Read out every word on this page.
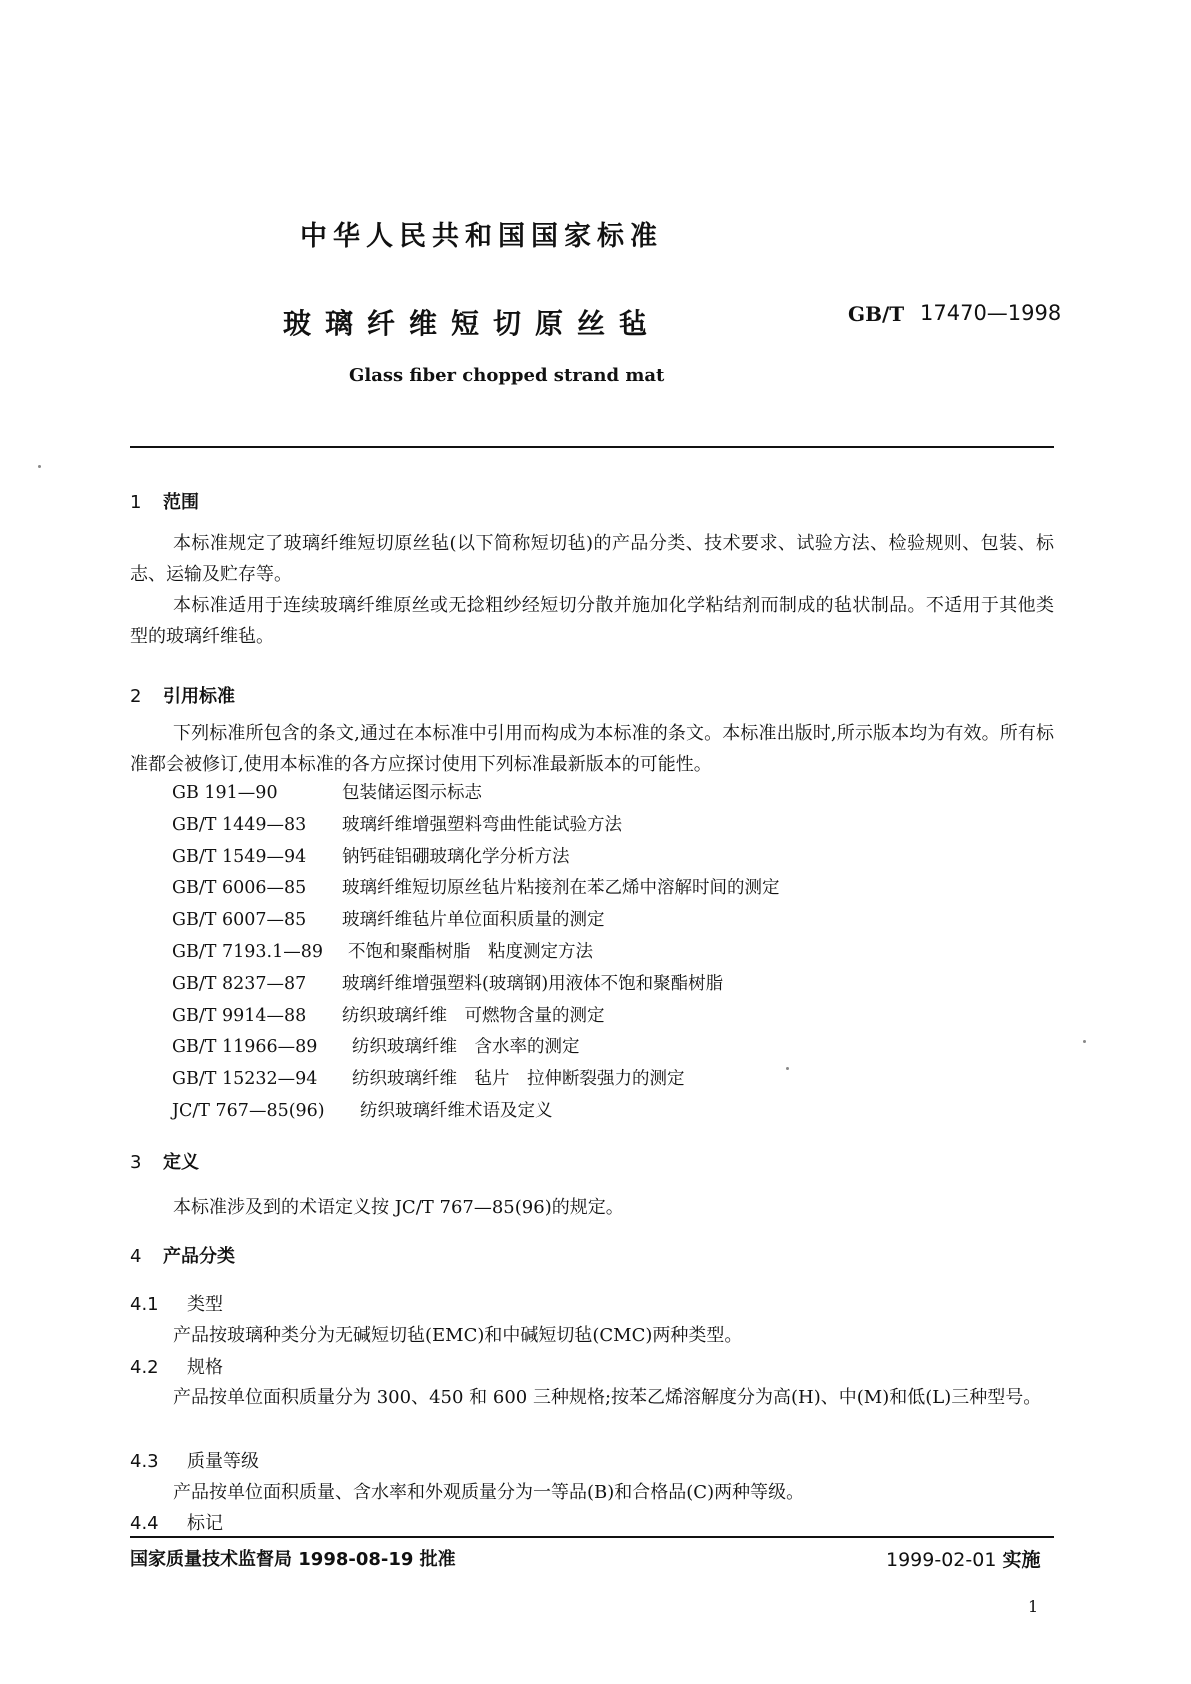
中华人民共和国国家标准
玻璃纤维短切原丝毡	GB/T 17470—1998
Glass fiber chopped strand mat
1 范围
本标准规定了玻璃纤维短切原丝毡(以下简称短切毡)的产品分类、技术要求、试验方法、检验规则、包装、标志、运输及贮存等。
本标准适用于连续玻璃纤维原丝或无捻粗纱经短切分散并施加化学粘结剂而制成的毡状制品。不适用于其他类型的玻璃纤维毡。
2 引用标准
下列标准所包含的条文,通过在本标准中引用而构成为本标准的条文。本标准出版时,所示版本均为有效。所有标准都会被修订,使用本标准的各方应探讨使用下列标准最新版本的可能性。
GB 191—90	包装储运图示标志
GB/T 1449—83 玻璃纤维增强塑料弯曲性能试验方法
GB/T 1549—94 钠钙硅铝硼玻璃化学分析方法
GB/T 6006—85 玻璃纤维短切原丝毡片粘接剂在苯乙烯中溶解时间的测定
GB/T 6007—85 玻璃纤维毡片单位面积质量的测定
GB/T 7193.1—89 不饱和聚酯树脂　粘度测定方法
GB/T 8237—87 玻璃纤维增强塑料(玻璃钢)用液体不饱和聚酯树脂
GB/T 9914—88 纺织玻璃纤维　可燃物含量的测定
GB/T 11966—89 纺织玻璃纤维　含水率的测定
GB/T 15232—94 纺织玻璃纤维　毡片　拉伸断裂强力的测定
JC/T 767—85(96) 纺织玻璃纤维术语及定义
3 定义
本标准涉及到的术语定义按 JC/T 767—85(96)的规定。
4 产品分类
4.1 类型
产品按玻璃种类分为无碱短切毡(EMC)和中碱短切毡(CMC)两种类型。
4.2 规格
产品按单位面积质量分为 300、450 和 600 三种规格;按苯乙烯溶解度分为高(H)、中(M)和低(L)三种型号。
4.3 质量等级
产品按单位面积质量、含水率和外观质量分为一等品(B)和合格品(C)两种等级。
4.4 标记
国家质量技术监督局 1998-08-19 批准	1999-02-01 实施
1
